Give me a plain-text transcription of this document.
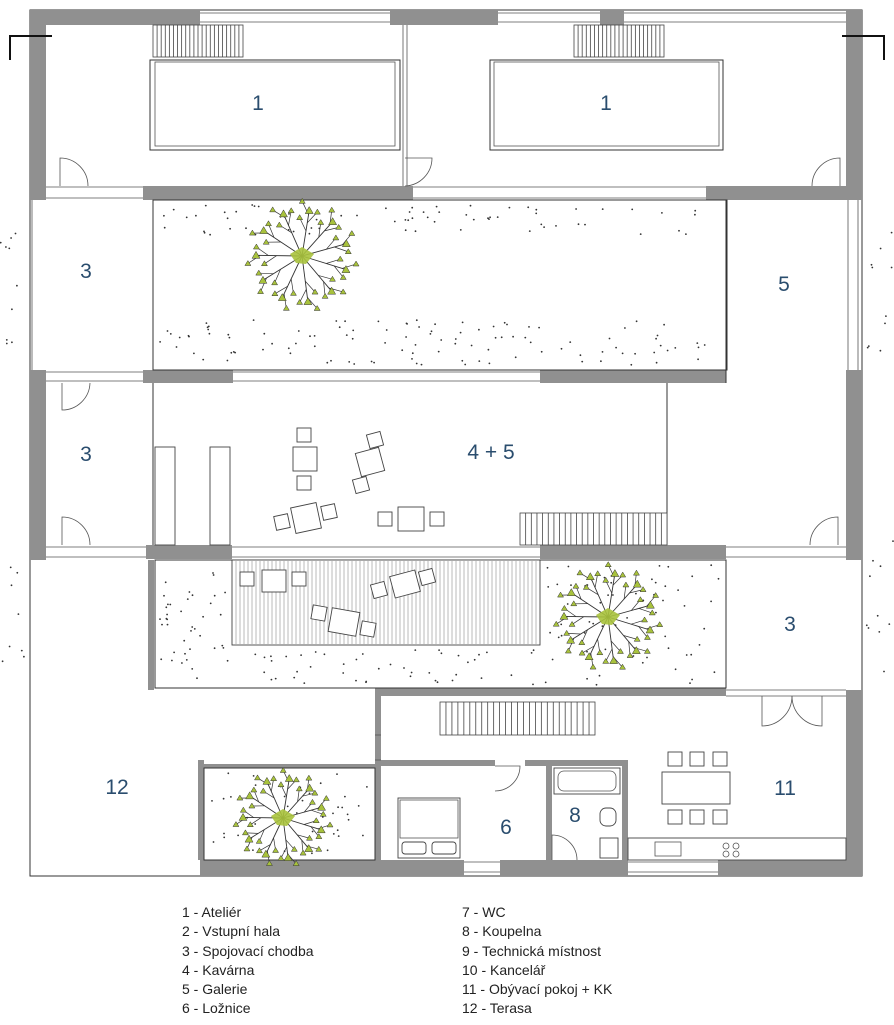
1	1
3
5
3	4 + 5
3
12
6
8
11
1 - Ateliér
2 - Vstupní hala
3 - Spojovací chodba
4 - Kavárna
5 - Galerie
6 - Ložnice
7 - WC
8 - Koupelna
9 - Technická místnost
10 - Kancelář
11 - Obývací pokoj + KK
12 - Terasa
